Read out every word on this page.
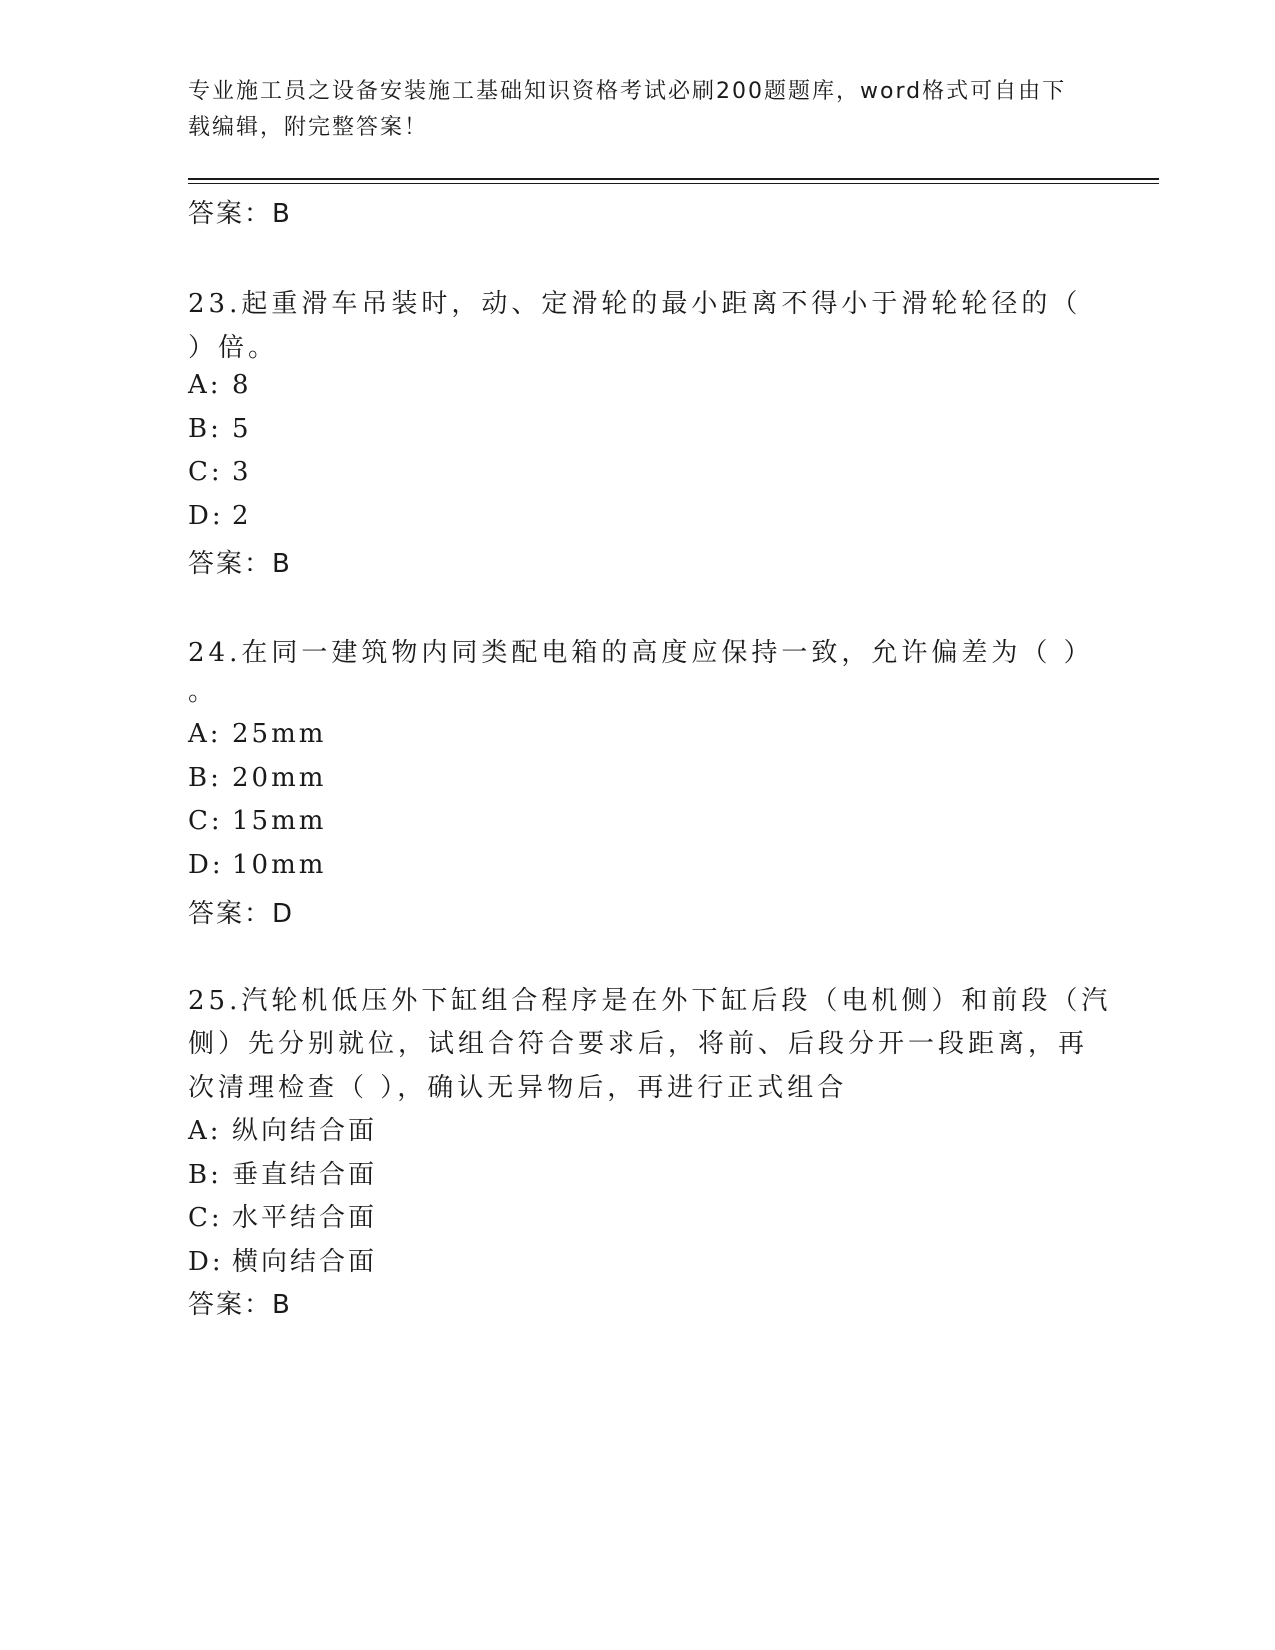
专业施工员之设备安装施工基础知识资格考试必刷200题题库，word格式可自由下载编辑，附完整答案！
答案：B
23.起重滑车吊装时，动、定滑轮的最小距离不得小于滑轮轮径的（
）倍。
A: 8
B: 5
C: 3
D: 2
答案：B
24.在同一建筑物内同类配电箱的高度应保持一致，允许偏差为（ ）
。
A: 25mm
B: 20mm
C: 15mm
D: 10mm
答案：D
25.汽轮机低压外下缸组合程序是在外下缸后段（电机侧）和前段（汽
侧）先分别就位，试组合符合要求后，将前、后段分开一段距离，再
次清理检查（ ），确认无异物后，再进行正式组合
A: 纵向结合面
B: 垂直结合面
C: 水平结合面
D: 横向结合面
答案：B
